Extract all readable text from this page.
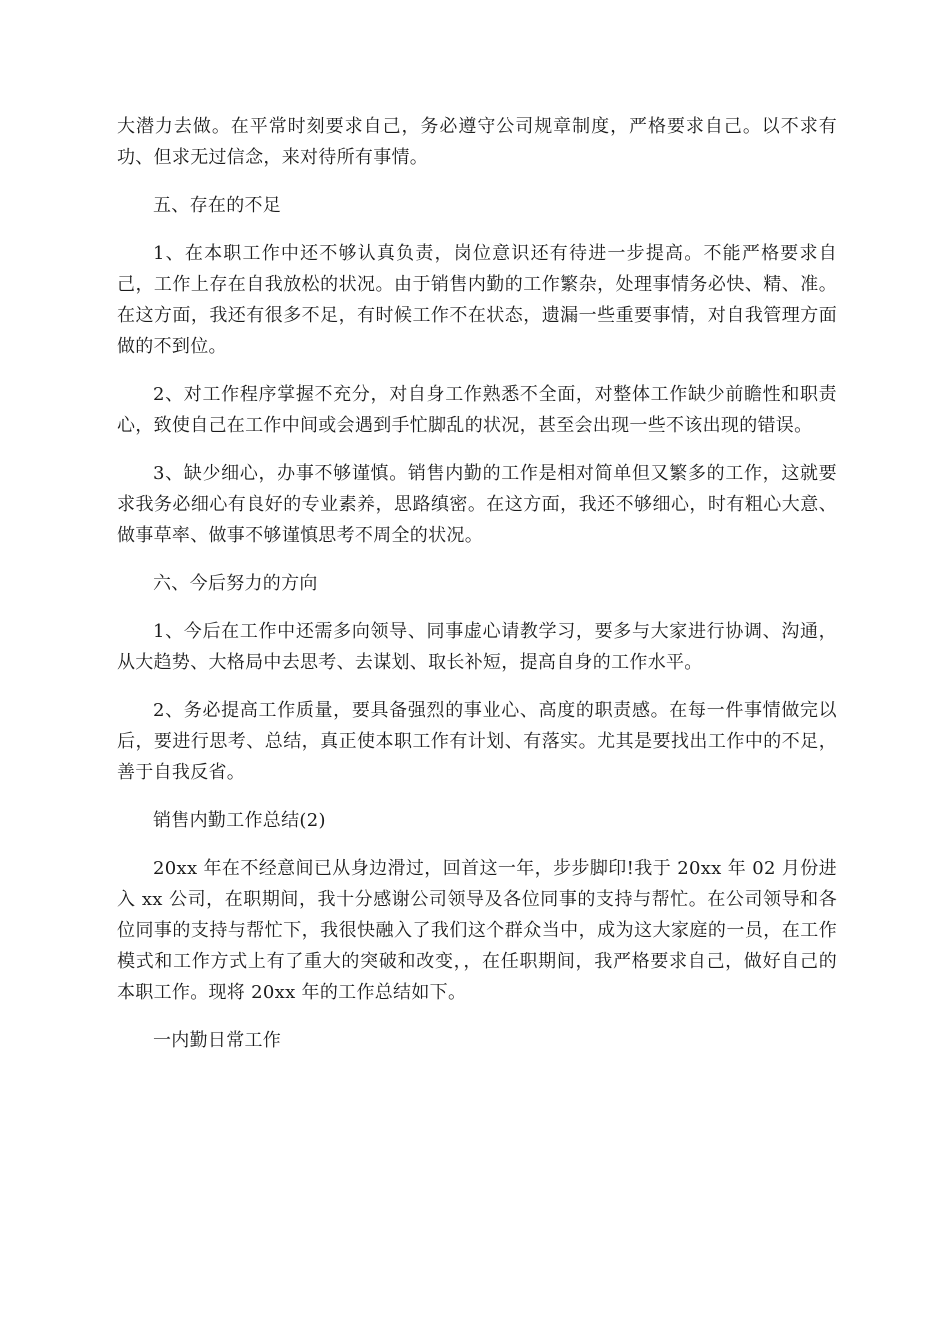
大潜力去做。在平常时刻要求自己，务必遵守公司规章制度，严格要求自己。以不求有功、但求无过信念，来对待所有事情。

五、存在的不足

1、在本职工作中还不够认真负责，岗位意识还有待进一步提高。不能严格要求自己，工作上存在自我放松的状况。由于销售内勤的工作繁杂，处理事情务必快、精、准。在这方面，我还有很多不足，有时候工作不在状态，遗漏一些重要事情，对自我管理方面做的不到位。

2、对工作程序掌握不充分，对自身工作熟悉不全面，对整体工作缺少前瞻性和职责心，致使自己在工作中间或会遇到手忙脚乱的状况，甚至会出现一些不该出现的错误。

3、缺少细心，办事不够谨慎。销售内勤的工作是相对简单但又繁多的工作，这就要求我务必细心有良好的专业素养，思路缜密。在这方面，我还不够细心，时有粗心大意、做事草率、做事不够谨慎思考不周全的状况。

六、今后努力的方向

1、今后在工作中还需多向领导、同事虚心请教学习，要多与大家进行协调、沟通，从大趋势、大格局中去思考、去谋划、取长补短，提高自身的工作水平。

2、务必提高工作质量，要具备强烈的事业心、高度的职责感。在每一件事情做完以后，要进行思考、总结，真正使本职工作有计划、有落实。尤其是要找出工作中的不足，善于自我反省。

销售内勤工作总结(2)

20xx 年在不经意间已从身边滑过，回首这一年，步步脚印!我于 20xx 年 02 月份进入 xx 公司，在职期间，我十分感谢公司领导及各位同事的支持与帮忙。在公司领导和各位同事的支持与帮忙下，我很快融入了我们这个群众当中，成为这大家庭的一员，在工作模式和工作方式上有了重大的突破和改变，，在任职期间，我严格要求自己，做好自己的本职工作。现将 20xx 年的工作总结如下。

一内勤日常工作
